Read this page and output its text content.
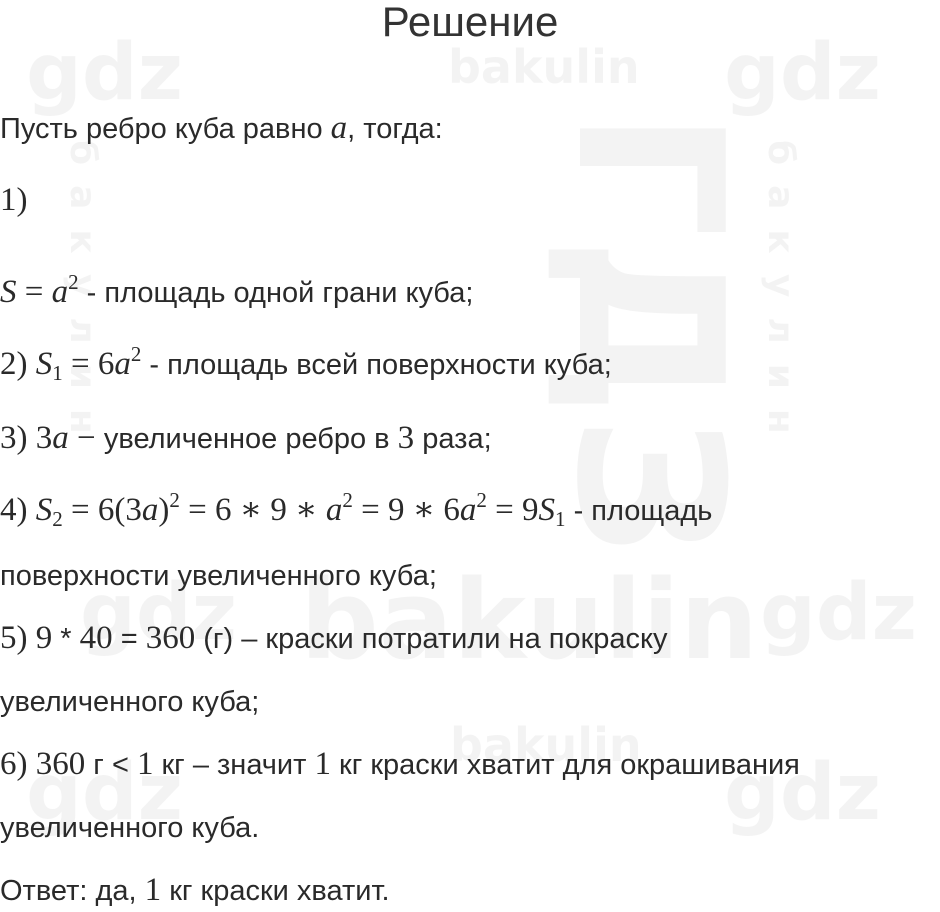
Решение
Пусть ребро куба равно a, тогда:
1)
$S = a^2$ - площадь одной грани куба;
2) $S_1 = 6a^2$ - площадь всей поверхности куба;
3) 3a − увеличенное ребро в 3 раза;
4) $S_2 = 6(3a)^2 = 6$ ∗ 9 ∗ $a^2 = 9$ ∗ $6a^2 = 9S_1$ - площадь
поверхности увеличенного куба;
5) 9 * 40 = 360 (г) – краски потратили на покраску
увеличенного куба;
6) 360 г < 1 кг – значит 1 кг краски хватит для окрашивания
увеличенного куба.
Ответ: да, 1 кг краски хватит.
